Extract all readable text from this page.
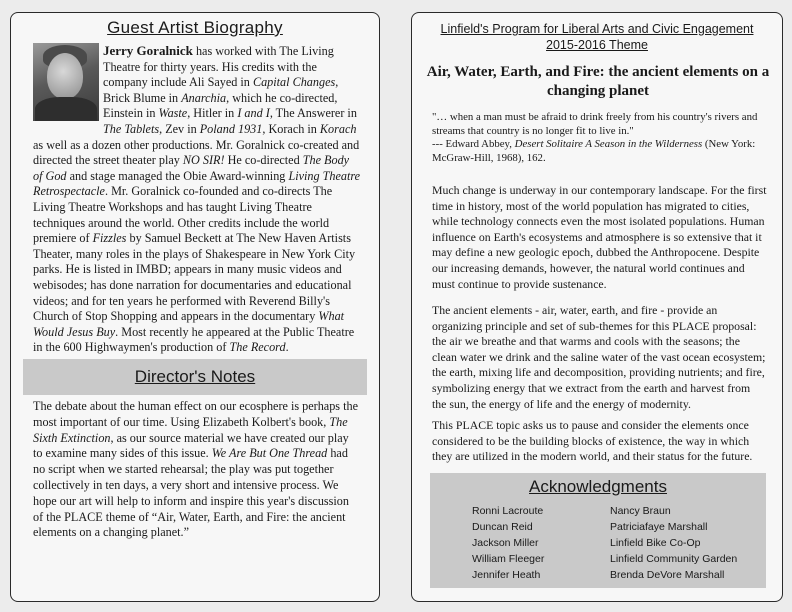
Guest Artist Biography

Jerry Goralnick has worked with The Living Theatre for thirty years. His credits with the company include Ali Sayed in Capital Changes, Brick Blume in Anarchia, which he co-directed, Einstein in Waste, Hitler in I and I, The Answerer in The Tablets, Zev in Poland 1931, Korach in Korach as well as a dozen other productions. Mr. Goralnick co-created and directed the street theater play NO SIR! He co-directed The Body of God and stage managed the Obie Award-winning Living Theatre Retrospectacle. Mr. Goralnick co-founded and co-directs The Living Theatre Workshops and has taught Living Theatre techniques around the world. Other credits include the world premiere of Fizzles by Samuel Beckett at The New Haven Artists Theater, many roles in the plays of Shakespeare in New York City parks. He is listed in IMBD; appears in many music videos and webisodes; has done narration for documentaries and educational videos; and for ten years he performed with Reverend Billy's Church of Stop Shopping and appears in the documentary What Would Jesus Buy. Most recently he appeared at the Public Theatre in the 600 Highwaymen's production of The Record.

Director's Notes

The debate about the human effect on our ecosphere is perhaps the most important of our time. Using Elizabeth Kolbert's book, The Sixth Extinction, as our source material we have created our play to examine many sides of this issue. We Are But One Thread had no script when we started rehearsal; the play was put together collectively in ten days, a very short and intensive process. We hope our art will help to inform and inspire this year's discussion of the PLACE theme of “Air, Water, Earth, and Fire: the ancient elements on a changing planet.”

Linfield's Program for Liberal Arts and Civic Engagement
2015-2016 Theme
Air, Water, Earth, and Fire: the ancient elements on a changing planet

"… when a man must be afraid to drink freely from his country's rivers and streams that country is no longer fit to live in."
--- Edward Abbey, Desert Solitaire A Season in the Wilderness (New York: McGraw-Hill, 1968), 162.

Much change is underway in our contemporary landscape. For the first time in history, most of the world population has migrated to cities, while technology connects even the most isolated populations. Human influence on Earth's ecosystems and atmosphere is so extensive that it may define a new geologic epoch, dubbed the Anthropocene. Despite our increasing demands, however, the natural world continues and must continue to provide sustenance.

The ancient elements - air, water, earth, and fire - provide an organizing principle and set of sub-themes for this PLACE proposal: the air we breathe and that warms and cools with the seasons; the clean water we drink and the saline water of the vast ocean ecosystem; the earth, mixing life and decomposition, providing nutrients; and fire, symbolizing energy that we extract from the earth and harvest from the sun, the energy of life and the energy of modernity.

This PLACE topic asks us to pause and consider the elements once considered to be the building blocks of existence, the way in which they are utilized in the modern world, and their status for the future.

Acknowledgments
Ronni Lacroute
Duncan Reid
Jackson Miller
William Fleeger
Jennifer Heath
Nancy Braun
Patriciafaye Marshall
Linfield Bike Co-Op
Linfield Community Garden
Brenda DeVore Marshall
